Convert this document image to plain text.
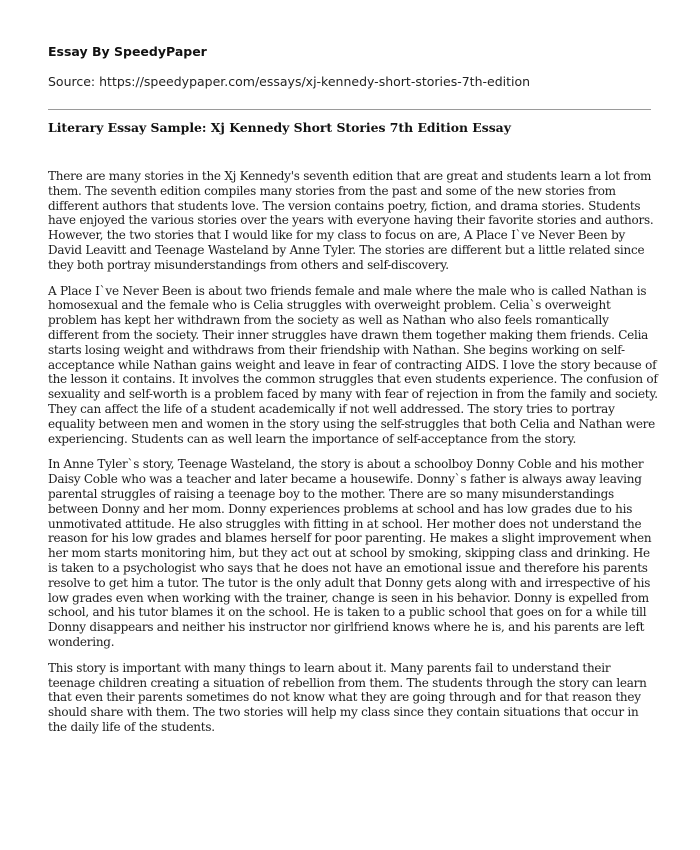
Essay By SpeedyPaper
Source: https://speedypaper.com/essays/xj-kennedy-short-stories-7th-edition
Literary Essay Sample: Xj Kennedy Short Stories 7th Edition Essay

There are many stories in the Xj Kennedy's seventh edition that are great and students learn a lot from them. The seventh edition compiles many stories from the past and some of the new stories from different authors that students love. The version contains poetry, fiction, and drama stories. Students have enjoyed the various stories over the years with everyone having their favorite stories and authors. However, the two stories that I would like for my class to focus on are, A Place I`ve Never Been by David Leavitt and Teenage Wasteland by Anne Tyler. The stories are different but a little related since they both portray misunderstandings from others and self-discovery.

A Place I`ve Never Been is about two friends female and male where the male who is called Nathan is homosexual and the female who is Celia struggles with overweight problem. Celia`s overweight problem has kept her withdrawn from the society as well as Nathan who also feels romantically different from the society. Their inner struggles have drawn them together making them friends. Celia starts losing weight and withdraws from their friendship with Nathan. She begins working on self-acceptance while Nathan gains weight and leave in fear of contracting AIDS. I love the story because of the lesson it contains. It involves the common struggles that even students experience. The confusion of sexuality and self-worth is a problem faced by many with fear of rejection in from the family and society. They can affect the life of a student academically if not well addressed. The story tries to portray equality between men and women in the story using the self-struggles that both Celia and Nathan were experiencing. Students can as well learn the importance of self-acceptance from the story.

In Anne Tyler`s story, Teenage Wasteland, the story is about a schoolboy Donny Coble and his mother Daisy Coble who was a teacher and later became a housewife. Donny`s father is always away leaving parental struggles of raising a teenage boy to the mother. There are so many misunderstandings between Donny and her mom. Donny experiences problems at school and has low grades due to his unmotivated attitude. He also struggles with fitting in at school. Her mother does not understand the reason for his low grades and blames herself for poor parenting. He makes a slight improvement when her mom starts monitoring him, but they act out at school by smoking, skipping class and drinking. He is taken to a psychologist who says that he does not have an emotional issue and therefore his parents resolve to get him a tutor. The tutor is the only adult that Donny gets along with and irrespective of his low grades even when working with the trainer, change is seen in his behavior. Donny is expelled from school, and his tutor blames it on the school. He is taken to a public school that goes on for a while till Donny disappears and neither his instructor nor girlfriend knows where he is, and his parents are left wondering.

This story is important with many things to learn about it. Many parents fail to understand their teenage children creating a situation of rebellion from them. The students through the story can learn that even their parents sometimes do not know what they are going through and for that reason they should share with them. The two stories will help my class since they contain situations that occur in the daily life of the students.
